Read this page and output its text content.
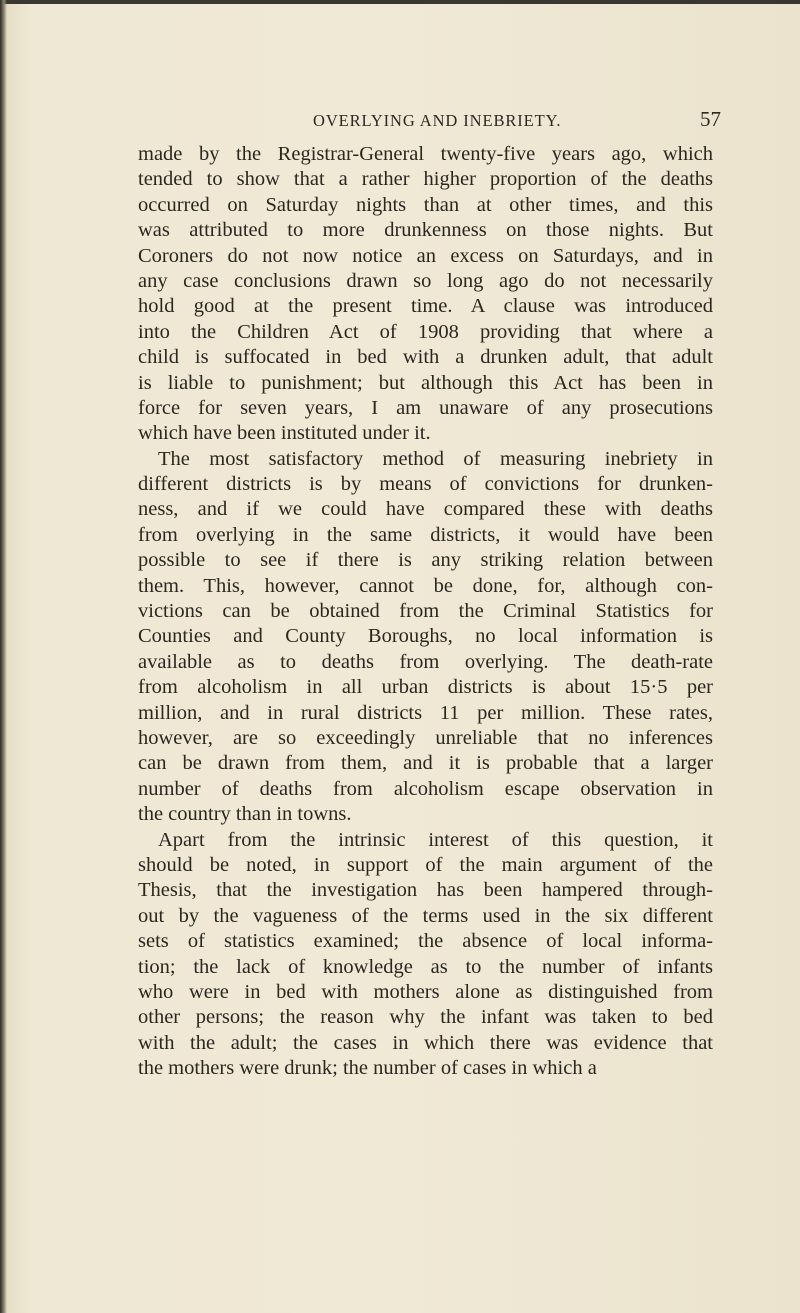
OVERLYING AND INEBRIETY.	57
made by the Registrar-General twenty-five years ago, which
tended to show that a rather higher proportion of the deaths
occurred on Saturday nights than at other times, and this
was attributed to more drunkenness on those nights. But
Coroners do not now notice an excess on Saturdays, and in
any case conclusions drawn so long ago do not necessarily
hold good at the present time. A clause was introduced
into the Children Act of 1908 providing that where a
child is suffocated in bed with a drunken adult, that adult
is liable to punishment; but although this Act has been in
force for seven years, I am unaware of any prosecutions
which have been instituted under it.
The most satisfactory method of measuring inebriety in
different districts is by means of convictions for drunken-
ness, and if we could have compared these with deaths
from overlying in the same districts, it would have been
possible to see if there is any striking relation between
them. This, however, cannot be done, for, although con-
victions can be obtained from the Criminal Statistics for
Counties and County Boroughs, no local information is
available as to deaths from overlying. The death-rate
from alcoholism in all urban districts is about 15·5 per
million, and in rural districts 11 per million. These rates,
however, are so exceedingly unreliable that no inferences
can be drawn from them, and it is probable that a larger
number of deaths from alcoholism escape observation in
the country than in towns.
Apart from the intrinsic interest of this question, it
should be noted, in support of the main argument of the
Thesis, that the investigation has been hampered through-
out by the vagueness of the terms used in the six different
sets of statistics examined; the absence of local informa-
tion; the lack of knowledge as to the number of infants
who were in bed with mothers alone as distinguished from
other persons; the reason why the infant was taken to bed
with the adult; the cases in which there was evidence that
the mothers were drunk; the number of cases in which a
